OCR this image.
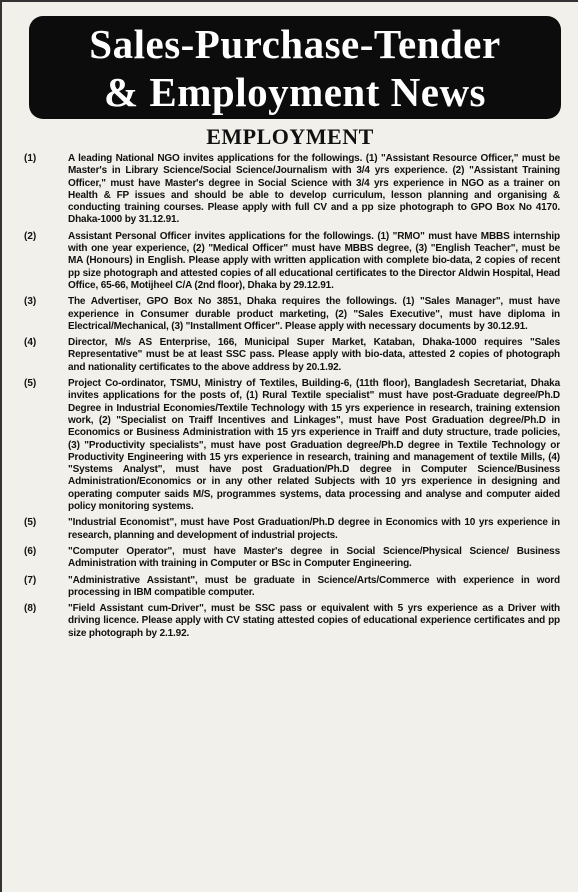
Sales-Purchase-Tender
& Employment News
EMPLOYMENT
(1)	A leading National NGO invites applications for the followings. (1) "Assistant Resource Officer," must be Master's in Library Science/Social Science/Journalism with 3/4 yrs experience. (2) "Assistant Training Officer," must have Master's degree in Social Science with 3/4 yrs experience in NGO as a trainer on Health & FP issues and should be able to develop curriculum, lesson planning and organising & conducting training courses. Please apply with full CV and a pp size photograph to GPO Box No 4170. Dhaka-1000 by 31.12.91.
(2)	Assistant Personal Officer invites applications for the followings. (1) "RMO" must have MBBS internship with one year experience, (2) "Medical Officer" must have MBBS degree, (3) "English Teacher", must be MA (Honours) in English. Please apply with written application with complete bio-data, 2 copies of recent pp size photograph and attested copies of all educational certificates to the Director Aldwin Hospital, Head Office, 65-66, Motijheel C/A (2nd floor), Dhaka by 29.12.91.
(3)	The Advertiser, GPO Box No 3851, Dhaka requires the followings. (1) "Sales Manager", must have experience in Consumer durable product marketing, (2) "Sales Executive", must have diploma in Electrical/Mechanical, (3) "Installment Officer". Please apply with necessary documents by 30.12.91.
(4)	Director, M/s AS Enterprise, 166, Municipal Super Market, Kataban, Dhaka-1000 requires "Sales Representative" must be at least SSC pass. Please apply with bio-data, attested 2 copies of photograph and nationality certificates to the above address by 20.1.92.
(5)	Project Co-ordinator, TSMU, Ministry of Textiles, Building-6, (11th floor), Bangladesh Secretariat, Dhaka invites applications for the posts of, (1) Rural Textile specialist" must have post-Graduate degree/Ph.D Degree in Industrial Economies/Textile Technology with 15 yrs experience in research, training extension work, (2) "Specialist on Traiff Incentives and Linkages", must have Post Graduation degree/Ph.D in Economics or Business Administration with 15 yrs experience in Traiff and duty structure, trade policies, (3) "Productivity specialists", must have post Graduation degree/Ph.D degree in Textile Technology or Productivity Engineering with 15 yrs experience in research, training and management of textile Mills, (4) "Systems Analyst", must have post Graduation/Ph.D degree in Computer Science/Business Administration/Economics or in any other related Subjects with 10 yrs experience in designing and operating computer saids M/S, programmes systems, data processing and analyse and computer aided policy monitoring systems.
(5)	"Industrial Economist", must have Post Graduation/Ph.D degree in Economics with 10 yrs experience in research, planning and development of industrial projects.
(6)	"Computer Operator", must have Master's degree in Social Science/Physical Science/ Business Administration with training in Computer or BSc in Computer Engineering.
(7)	"Administrative Assistant", must be graduate in Science/Arts/Commerce with experience in word processing in IBM compatible computer.
(8)	"Field Assistant cum-Driver", must be SSC pass or equivalent with 5 yrs experience as a Driver with driving licence. Please apply with CV stating attested copies of educational experience certificates and pp size photograph by 2.1.92.
